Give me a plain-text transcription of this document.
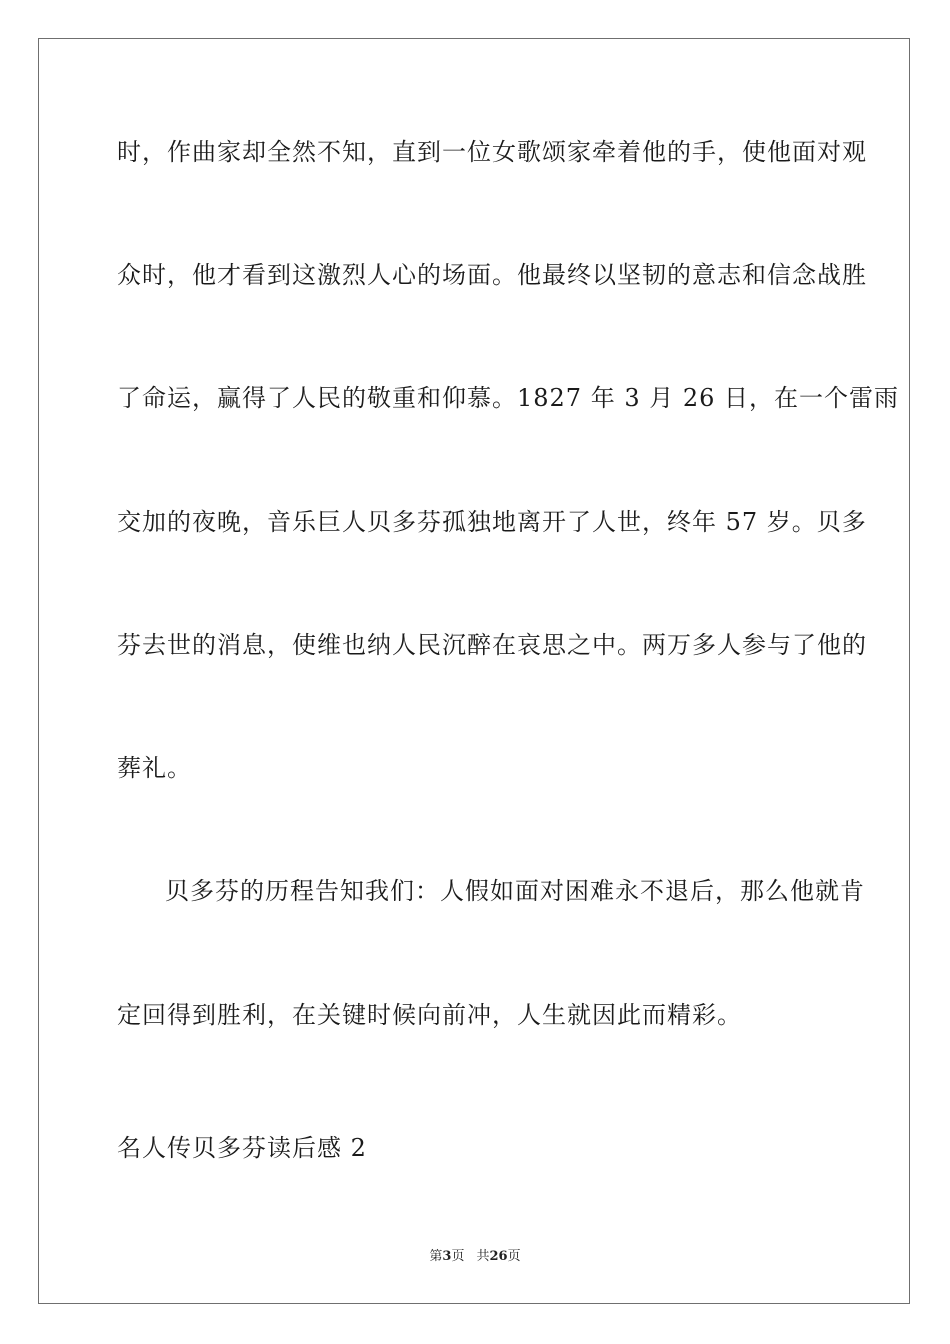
时，作曲家却全然不知，直到一位女歌颂家牵着他的手，使他面对观
众时，他才看到这激烈人心的场面。他最终以坚韧的意志和信念战胜
了命运，赢得了人民的敬重和仰慕。1827 年 3 月 26 日，在一个雷雨
交加的夜晚，音乐巨人贝多芬孤独地离开了人世，终年 57 岁。贝多
芬去世的消息，使维也纳人民沉醉在哀思之中。两万多人参与了他的
葬礼。
贝多芬的历程告知我们：人假如面对困难永不退后，那么他就肯
定回得到胜利，在关键时候向前冲，人生就因此而精彩。
名人传贝多芬读后感 2
第3页 共26页
